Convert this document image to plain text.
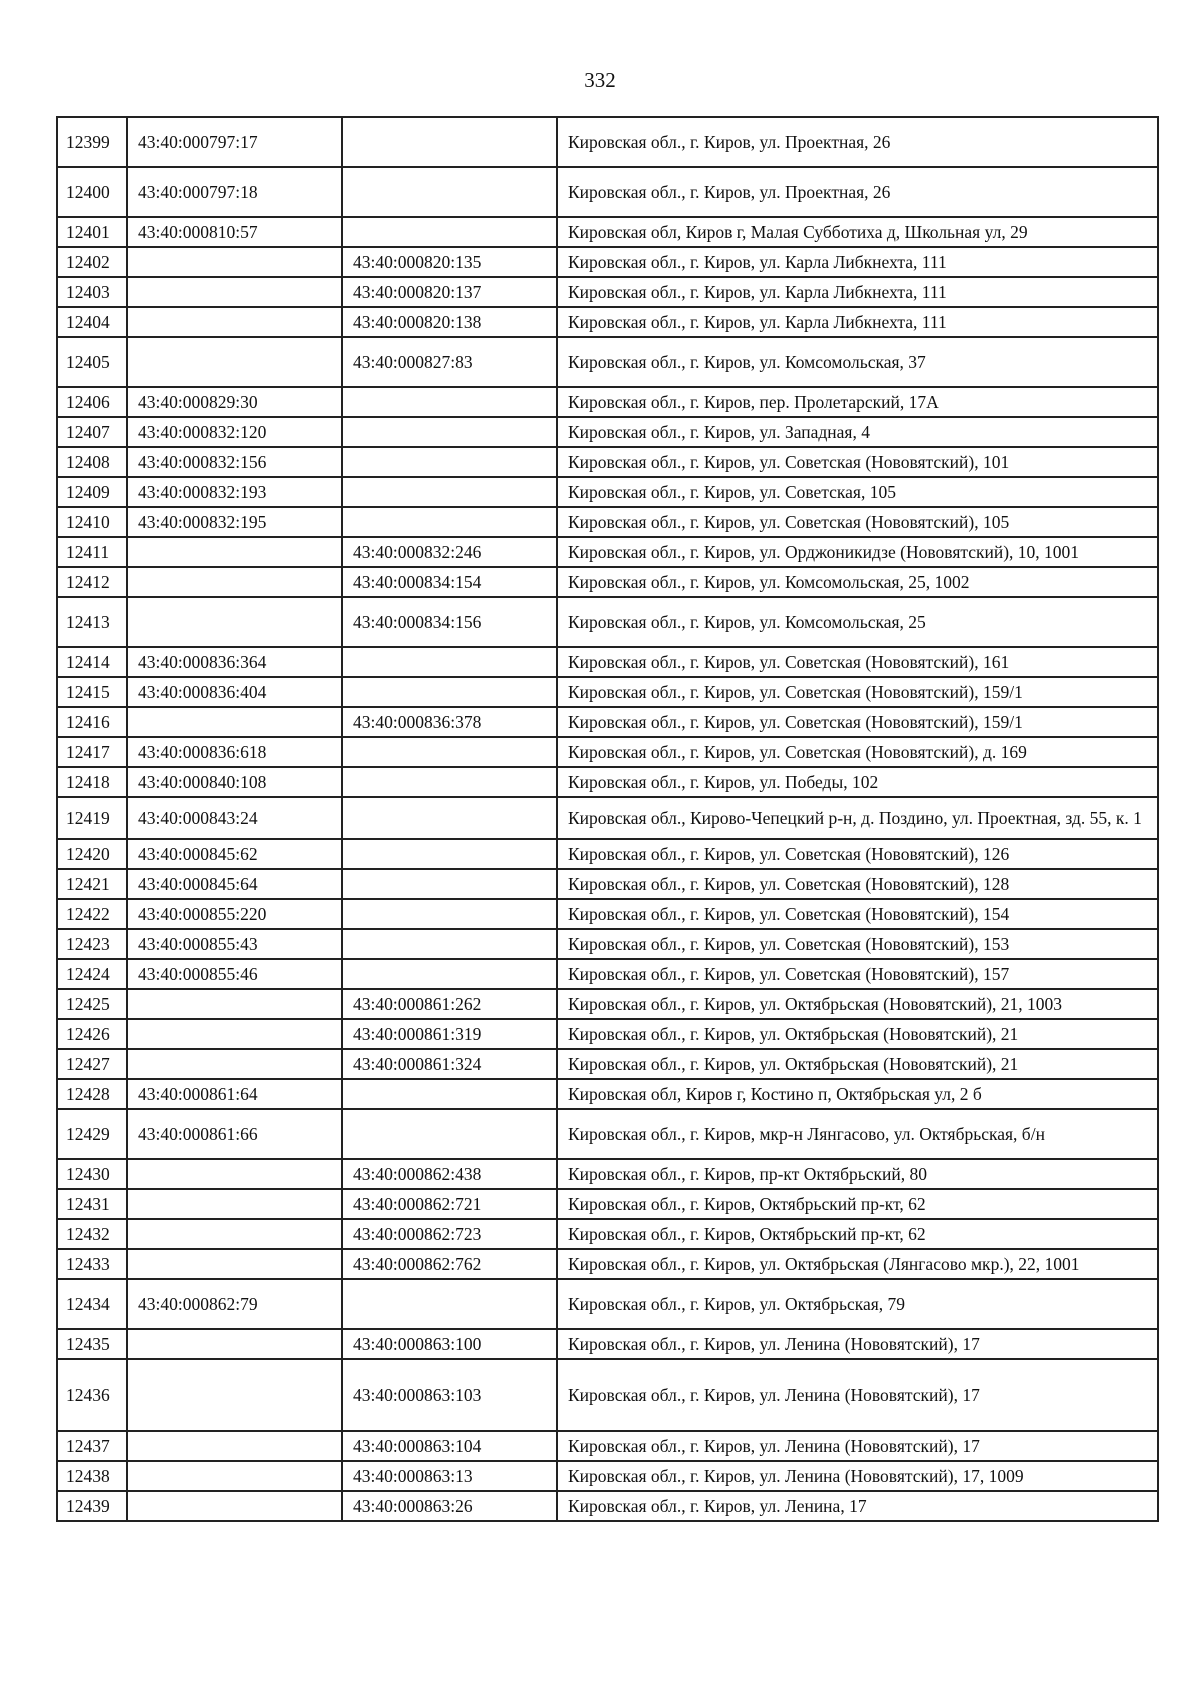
332
12399	43:40:000797:17		Кировская обл., г. Киров, ул. Проектная, 26
12400	43:40:000797:18		Кировская обл., г. Киров, ул. Проектная, 26
12401	43:40:000810:57		Кировская обл, Киров г, Малая Субботиха д, Школьная ул, 29
12402		43:40:000820:135	Кировская обл., г. Киров, ул. Карла Либкнехта, 111
12403		43:40:000820:137	Кировская обл., г. Киров, ул. Карла Либкнехта, 111
12404		43:40:000820:138	Кировская обл., г. Киров, ул. Карла Либкнехта, 111
12405		43:40:000827:83	Кировская обл., г. Киров, ул. Комсомольская, 37
12406	43:40:000829:30		Кировская обл., г. Киров, пер. Пролетарский, 17А
12407	43:40:000832:120		Кировская обл., г. Киров, ул. Западная, 4
12408	43:40:000832:156		Кировская обл., г. Киров, ул. Советская (Нововятский), 101
12409	43:40:000832:193		Кировская обл., г. Киров, ул. Советская, 105
12410	43:40:000832:195		Кировская обл., г. Киров, ул. Советская (Нововятский), 105
12411		43:40:000832:246	Кировская обл., г. Киров, ул. Орджоникидзе (Нововятский), 10, 1001
12412		43:40:000834:154	Кировская обл., г. Киров, ул. Комсомольская, 25, 1002
12413		43:40:000834:156	Кировская обл., г. Киров, ул. Комсомольская, 25
12414	43:40:000836:364		Кировская обл., г. Киров, ул. Советская (Нововятский), 161
12415	43:40:000836:404		Кировская обл., г. Киров, ул. Советская (Нововятский), 159/1
12416		43:40:000836:378	Кировская обл., г. Киров, ул. Советская (Нововятский), 159/1
12417	43:40:000836:618		Кировская обл., г. Киров, ул. Советская (Нововятский), д. 169
12418	43:40:000840:108		Кировская обл., г. Киров, ул. Победы, 102
12419	43:40:000843:24		Кировская обл., Кирово-Чепецкий р-н, д. Поздино, ул. Проектная, зд. 55, к. 1
12420	43:40:000845:62		Кировская обл., г. Киров, ул. Советская (Нововятский), 126
12421	43:40:000845:64		Кировская обл., г. Киров, ул. Советская (Нововятский), 128
12422	43:40:000855:220		Кировская обл., г. Киров, ул. Советская (Нововятский), 154
12423	43:40:000855:43		Кировская обл., г. Киров, ул. Советская (Нововятский), 153
12424	43:40:000855:46		Кировская обл., г. Киров, ул. Советская (Нововятский), 157
12425		43:40:000861:262	Кировская обл., г. Киров, ул. Октябрьская (Нововятский), 21, 1003
12426		43:40:000861:319	Кировская обл., г. Киров, ул. Октябрьская (Нововятский), 21
12427		43:40:000861:324	Кировская обл., г. Киров, ул. Октябрьская (Нововятский), 21
12428	43:40:000861:64		Кировская обл, Киров г, Костино п, Октябрьская ул, 2 б
12429	43:40:000861:66		Кировская обл., г. Киров, мкр-н Лянгасово, ул. Октябрьская, б/н
12430		43:40:000862:438	Кировская обл., г. Киров, пр-кт Октябрьский, 80
12431		43:40:000862:721	Кировская обл., г. Киров, Октябрьский пр-кт, 62
12432		43:40:000862:723	Кировская обл., г. Киров, Октябрьский пр-кт, 62
12433		43:40:000862:762	Кировская обл., г. Киров, ул. Октябрьская (Лянгасово мкр.), 22, 1001
12434	43:40:000862:79		Кировская обл., г. Киров, ул. Октябрьская, 79
12435		43:40:000863:100	Кировская обл., г. Киров, ул. Ленина (Нововятский), 17
12436		43:40:000863:103	Кировская обл., г. Киров, ул. Ленина (Нововятский), 17
12437		43:40:000863:104	Кировская обл., г. Киров, ул. Ленина (Нововятский), 17
12438		43:40:000863:13	Кировская обл., г. Киров, ул. Ленина (Нововятский), 17, 1009
12439		43:40:000863:26	Кировская обл., г. Киров, ул. Ленина, 17
